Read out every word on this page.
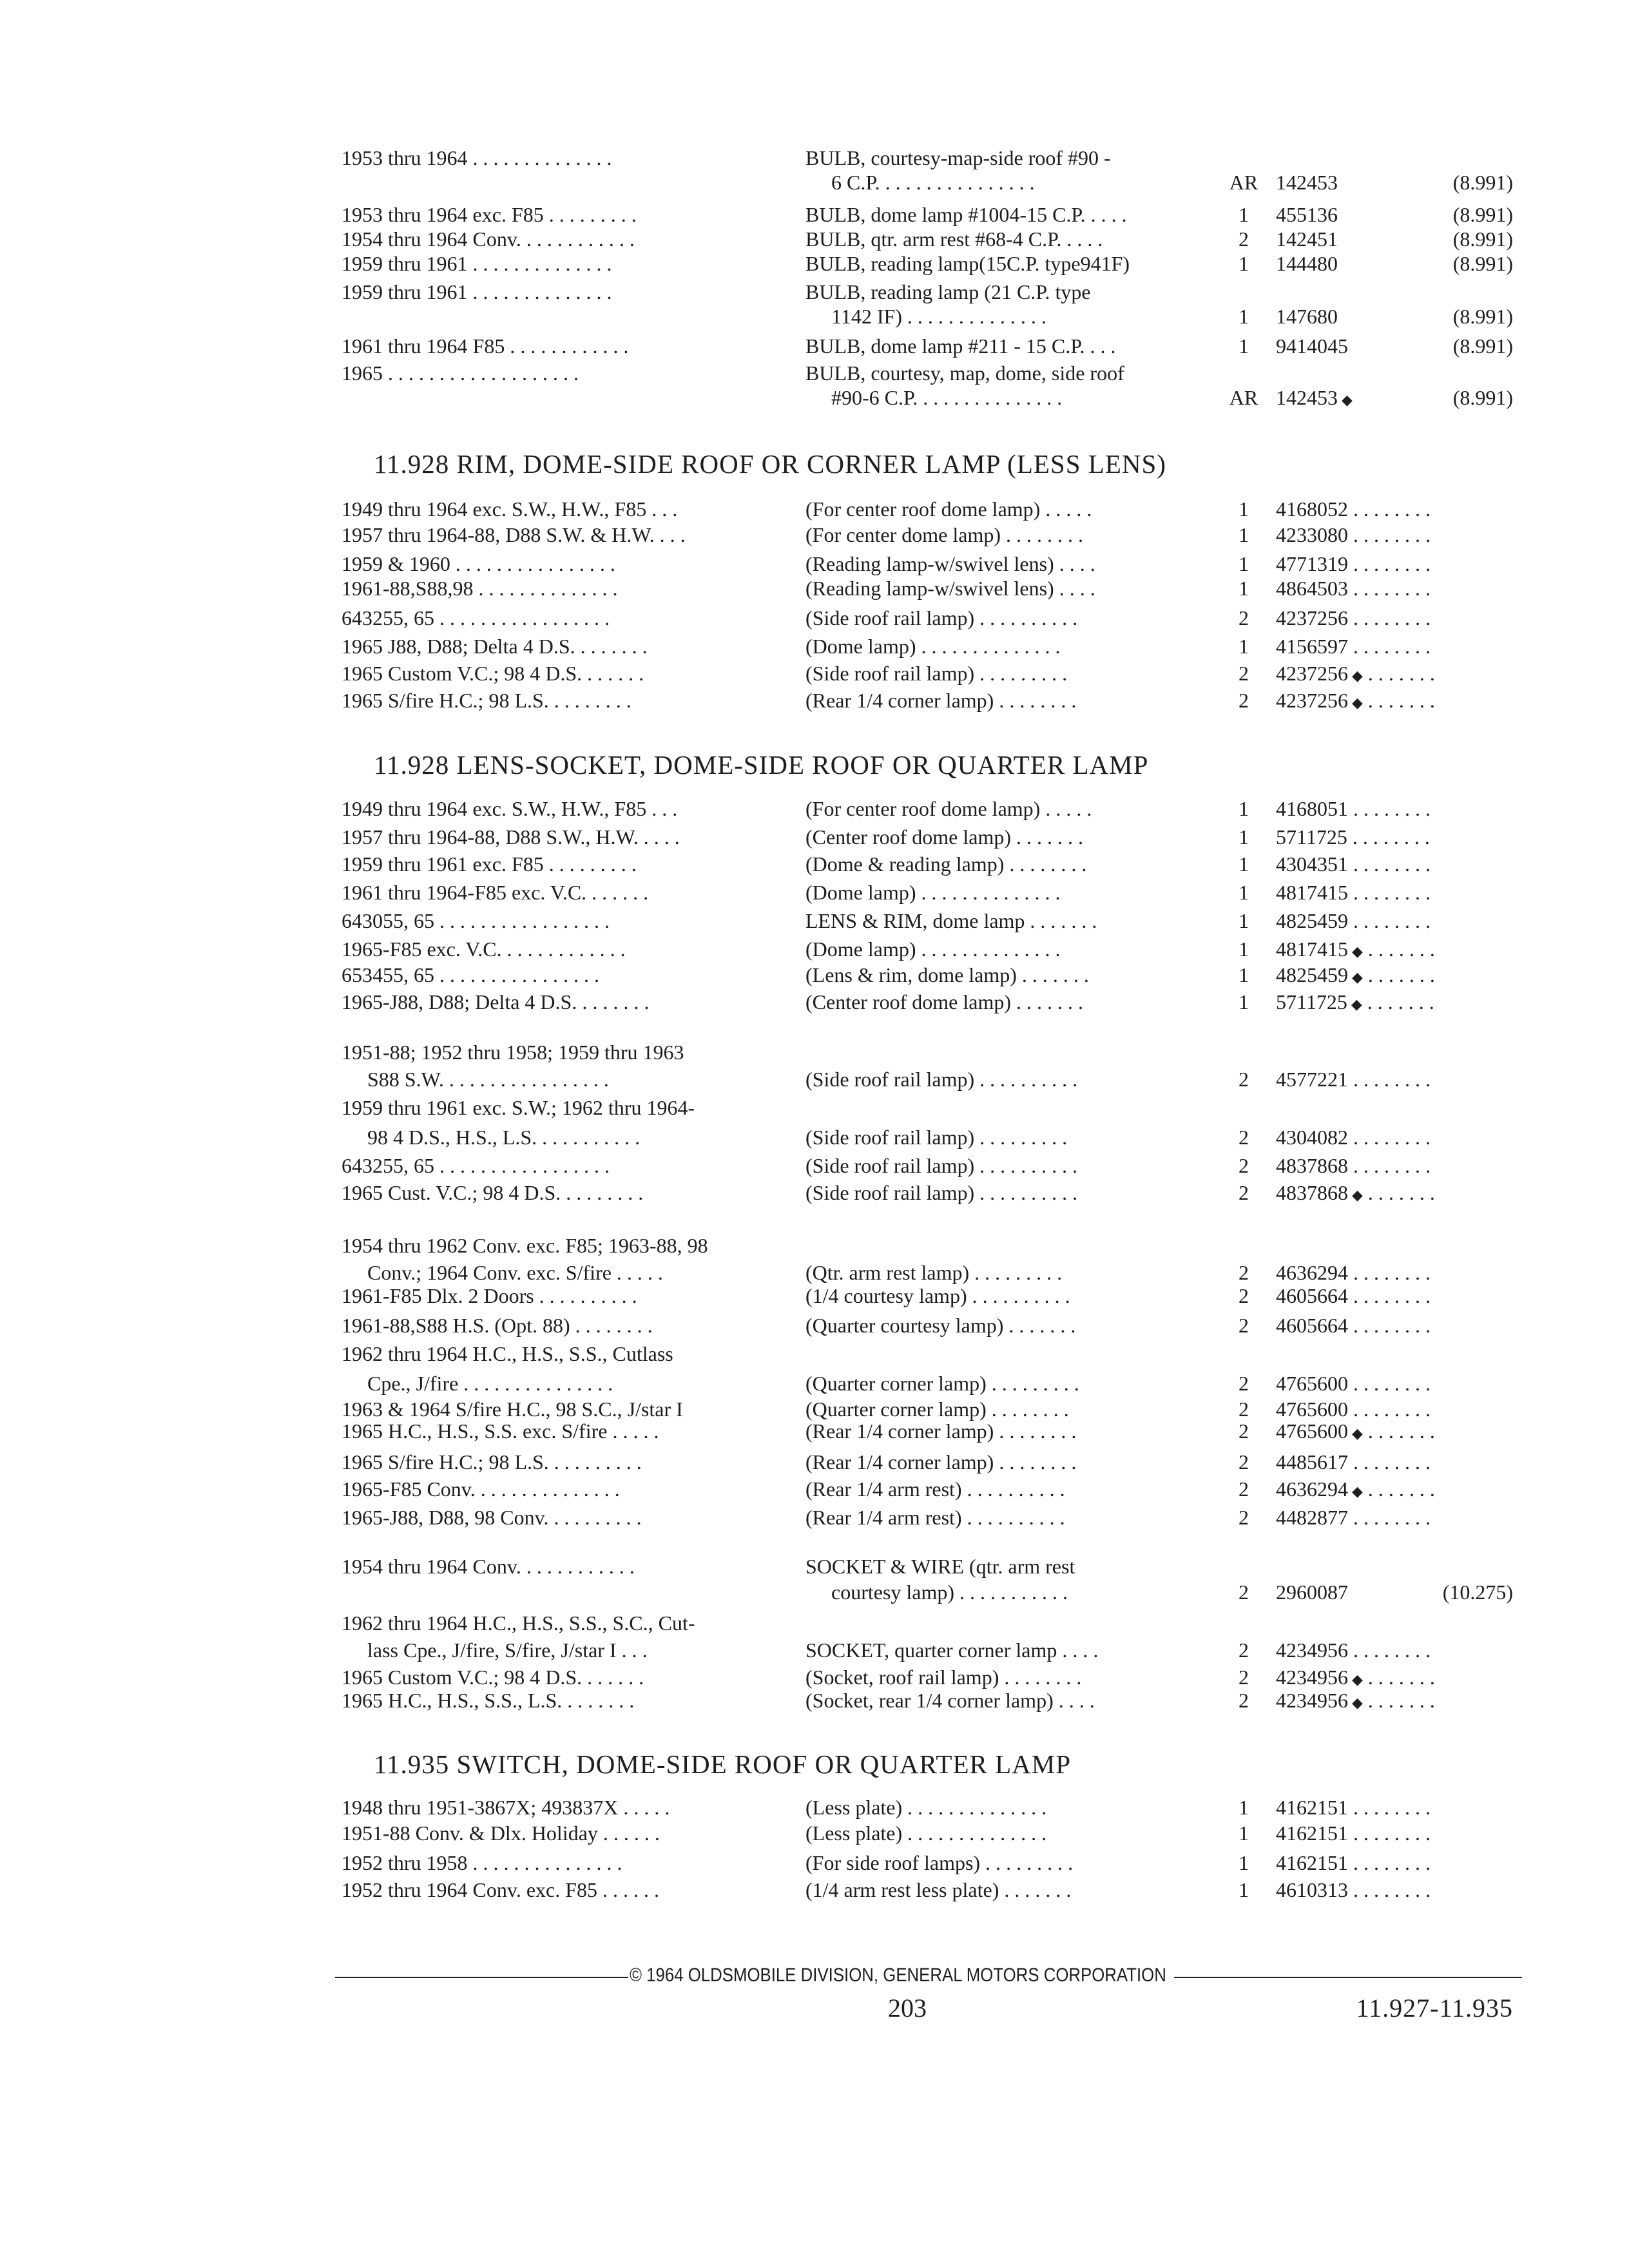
1953 thru 1964 . . . . . . . . . . . . . .	BULB, courtesy-map-side roof #90 -
6 C.P. . . . . . . . . . . . . . . .	AR 142453	(8.991)
1953 thru 1964 exc. F85 . . . . . . . . .	BULB, dome lamp #1004-15 C.P. . . . .	1	455136	(8.991)
1954 thru 1964 Conv. . . . . . . . . . . .	BULB, qtr. arm rest #68-4 C.P. . . . .	2	142451	(8.991)
1959 thru 1961 . . . . . . . . . . . . . .	BULB, reading lamp(15C.P. type941F)	1	144480	(8.991)
1959 thru 1961 . . . . . . . . . . . . . .	BULB, reading lamp (21 C.P. type
1142 IF) . . . . . . . . . . . . . .	1	147680	(8.991)
1961 thru 1964 F85 . . . . . . . . . . . .	BULB, dome lamp #211 - 15 C.P. . . .	1	9414045	(8.991)
1965 . . . . . . . . . . . . . . . . . . .	BULB, courtesy, map, dome, side roof
#90-6 C.P. . . . . . . . . . . . . . .	AR 142453 ◆	(8.991)
11.928 RIM, DOME-SIDE ROOF OR CORNER LAMP (LESS LENS)
1949 thru 1964 exc. S.W., H.W., F85 . . .	(For center roof dome lamp) . . . . .	1	4168052 . . . . . . . .
1957 thru 1964-88, D88 S.W. & H.W. . . .	(For center dome lamp) . . . . . . . .	1	4233080 . . . . . . . .
1959 & 1960 . . . . . . . . . . . . . . . .	(Reading lamp-w/swivel lens) . . . .	1	4771319 . . . . . . . .
1961-88,S88,98 . . . . . . . . . . . . . .	(Reading lamp-w/swivel lens) . . . .	1	4864503 . . . . . . . .
643255, 65 . . . . . . . . . . . . . . . . .	(Side roof rail lamp) . . . . . . . . . .	2	4237256 . . . . . . . .
1965 J88, D88; Delta 4 D.S. . . . . . . .	(Dome lamp) . . . . . . . . . . . . . .	1	4156597 . . . . . . . .
1965 Custom V.C.; 98 4 D.S. . . . . . .	(Side roof rail lamp) . . . . . . . . .	2	4237256 ◆ . . . . . . .
1965 S/fire H.C.; 98 L.S. . . . . . . . .	(Rear 1/4 corner lamp) . . . . . . . .	2	4237256 ◆ . . . . . . .
11.928 LENS-SOCKET, DOME-SIDE ROOF OR QUARTER LAMP
1949 thru 1964 exc. S.W., H.W., F85 . . .	(For center roof dome lamp) . . . . .	1	4168051 . . . . . . . .
1957 thru 1964-88, D88 S.W., H.W. . . . .	(Center roof dome lamp) . . . . . . .	1	5711725 . . . . . . . .
1959 thru 1961 exc. F85 . . . . . . . . .	(Dome & reading lamp) . . . . . . . .	1	4304351 . . . . . . . .
1961 thru 1964-F85 exc. V.C. . . . . . .	(Dome lamp) . . . . . . . . . . . . . .	1	4817415 . . . . . . . .
643055, 65 . . . . . . . . . . . . . . . . .	LENS & RIM, dome lamp . . . . . . .	1	4825459 . . . . . . . .
1965-F85 exc. V.C. . . . . . . . . . . . .	(Dome lamp) . . . . . . . . . . . . . .	1	4817415 ◆ . . . . . . .
653455, 65 . . . . . . . . . . . . . . . .	(Lens & rim, dome lamp) . . . . . . .	1	4825459 ◆ . . . . . . .
1965-J88, D88; Delta 4 D.S. . . . . . . .	(Center roof dome lamp) . . . . . . .	1	5711725 ◆ . . . . . . .
1951-88; 1952 thru 1958; 1959 thru 1963
S88 S.W. . . . . . . . . . . . . . . . .	(Side roof rail lamp) . . . . . . . . . .	2	4577221 . . . . . . . .
1959 thru 1961 exc. S.W.; 1962 thru 1964-
98 4 D.S., H.S., L.S. . . . . . . . . . .	(Side roof rail lamp) . . . . . . . . .	2	4304082 . . . . . . . .
643255, 65 . . . . . . . . . . . . . . . . .	(Side roof rail lamp) . . . . . . . . . .	2	4837868 . . . . . . . .
1965 Cust. V.C.; 98 4 D.S. . . . . . . . .	(Side roof rail lamp) . . . . . . . . . .	2	4837868 ◆ . . . . . . .
1954 thru 1962 Conv. exc. F85; 1963-88, 98
Conv.; 1964 Conv. exc. S/fire . . . . .	(Qtr. arm rest lamp) . . . . . . . . .	2	4636294 . . . . . . . .
1961-F85 Dlx. 2 Doors . . . . . . . . . .	(1/4 courtesy lamp) . . . . . . . . . .	2	4605664 . . . . . . . .
1961-88,S88 H.S. (Opt. 88) . . . . . . . .	(Quarter courtesy lamp) . . . . . . .	2	4605664 . . . . . . . .
1962 thru 1964 H.C., H.S., S.S., Cutlass
Cpe., J/fire . . . . . . . . . . . . . . .	(Quarter corner lamp) . . . . . . . . .	2	4765600 . . . . . . . .
1963 & 1964 S/fire H.C., 98 S.C., J/star I	(Quarter corner lamp) . . . . . . . .	2	4765600 . . . . . . . .
1965 H.C., H.S., S.S. exc. S/fire . . . . .	(Rear 1/4 corner lamp) . . . . . . . .	2	4765600 ◆ . . . . . . .
1965 S/fire H.C.; 98 L.S. . . . . . . . . .	(Rear 1/4 corner lamp) . . . . . . . .	2	4485617 . . . . . . . .
1965-F85 Conv. . . . . . . . . . . . . . .	(Rear 1/4 arm rest) . . . . . . . . . .	2	4636294 ◆ . . . . . . .
1965-J88, D88, 98 Conv. . . . . . . . . .	(Rear 1/4 arm rest) . . . . . . . . . .	2	4482877 . . . . . . . .
1954 thru 1964 Conv. . . . . . . . . . . .	SOCKET & WIRE (qtr. arm rest
courtesy lamp) . . . . . . . . . . .	2	2960087	(10.275)
1962 thru 1964 H.C., H.S., S.S., S.C., Cut-
lass Cpe., J/fire, S/fire, J/star I . . .	SOCKET, quarter corner lamp . . . .	2	4234956 . . . . . . . .
1965 Custom V.C.; 98 4 D.S. . . . . . .	(Socket, roof rail lamp) . . . . . . . .	2	4234956 ◆ . . . . . . .
1965 H.C., H.S., S.S., L.S. . . . . . . .	(Socket, rear 1/4 corner lamp) . . . .	2	4234956 ◆ . . . . . . .
11.935 SWITCH, DOME-SIDE ROOF OR QUARTER LAMP
1948 thru 1951-3867X; 493837X . . . . .	(Less plate) . . . . . . . . . . . . . .	1	4162151 . . . . . . . .
1951-88 Conv. & Dlx. Holiday . . . . . .	(Less plate) . . . . . . . . . . . . . .	1	4162151 . . . . . . . .
1952 thru 1958 . . . . . . . . . . . . . . .	(For side roof lamps) . . . . . . . . .	1	4162151 . . . . . . . .
1952 thru 1964 Conv. exc. F85 . . . . . .	(1/4 arm rest less plate) . . . . . . .	1	4610313 . . . . . . . .
© 1964 OLDSMOBILE DIVISION, GENERAL MOTORS CORPORATION
203	11.927-11.935
